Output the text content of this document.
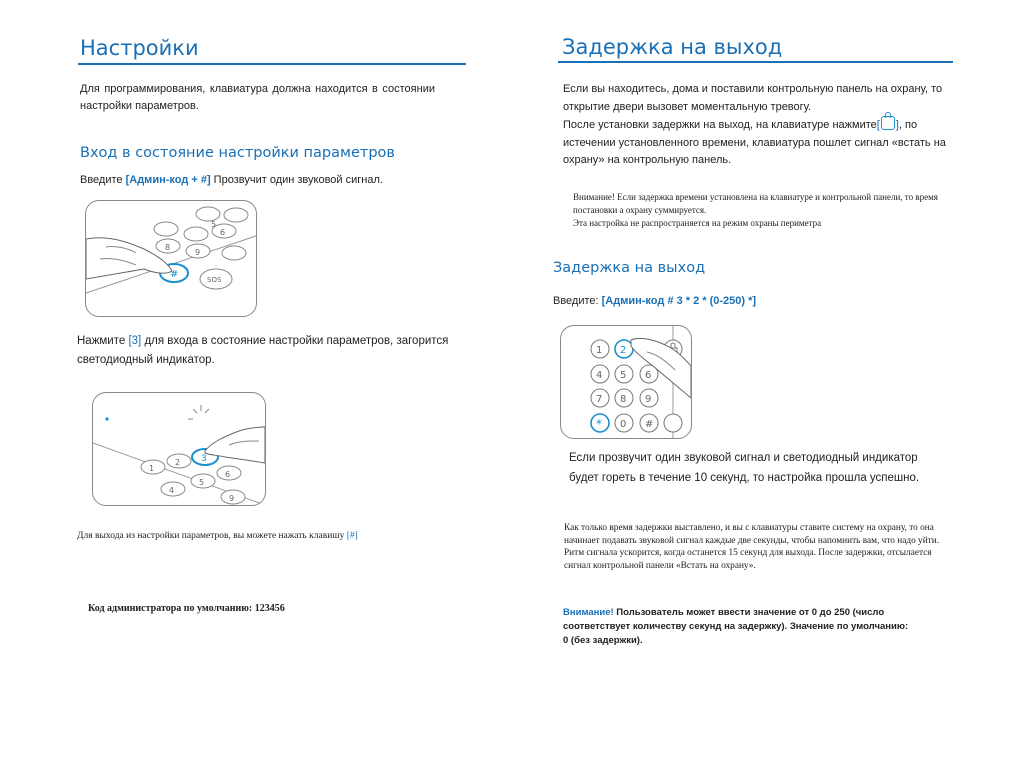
Настройки
Для программирования, клавиатура должна находится в состоянии настройки параметров.
Вход в состояние настройки параметров
Введите [Админ-код + #] Прозвучит один звуковой сигнал.
5
6
8
9
#	SOS
Нажмите [3] для входа в состояние настройки параметров, загорится светодиодный индикатор.
1
2 3
4
5
6
9
Для выхода из настройки параметров, вы можете нажать клавишу [#]
Код администратора по умолчанию: 123456
Задержка на выход
Если вы находитесь, дома и поставили контрольную панель на охрану, то открытие двери вызовет моментальную тревогу.
После установки задержки на выход, на клавиатуре нажмите[ ], по истечении установленного времени, клавиатура пошлет сигнал «встать на охрану» на контрольную панель.
Внимание! Если задержка времени установлена на клавиатуре и контрольной панели, то время постановки а охрану суммируется.
Эта настройка не распространяется на режим охраны периметра
Задержка на выход
Введите: [Админ-код # 3 * 2 * (0-250) *]
1 2
4 5 6
7 8 9
* 0 #
Если прозвучит один звуковой сигнал и светодиодный индикатор будет гореть в течение 10 секунд, то настройка прошла успешно.
Как только время задержки выставлено, и вы с клавиатуры ставите систему на охрану, то она начинает подавать звуковой сигнал каждые две секунды, чтобы напомнить вам, что надо уйти. Ритм сигнала ускорится, когда останется 15 секунд для выхода. После задержки, отсылается сигнал контрольной панели «Встать на охрану».
Внимание! Пользователь может ввести значение от 0 до 250 (число соответствует количеству секунд на задержку). Значение по умолчанию: 0 (без задержки).
